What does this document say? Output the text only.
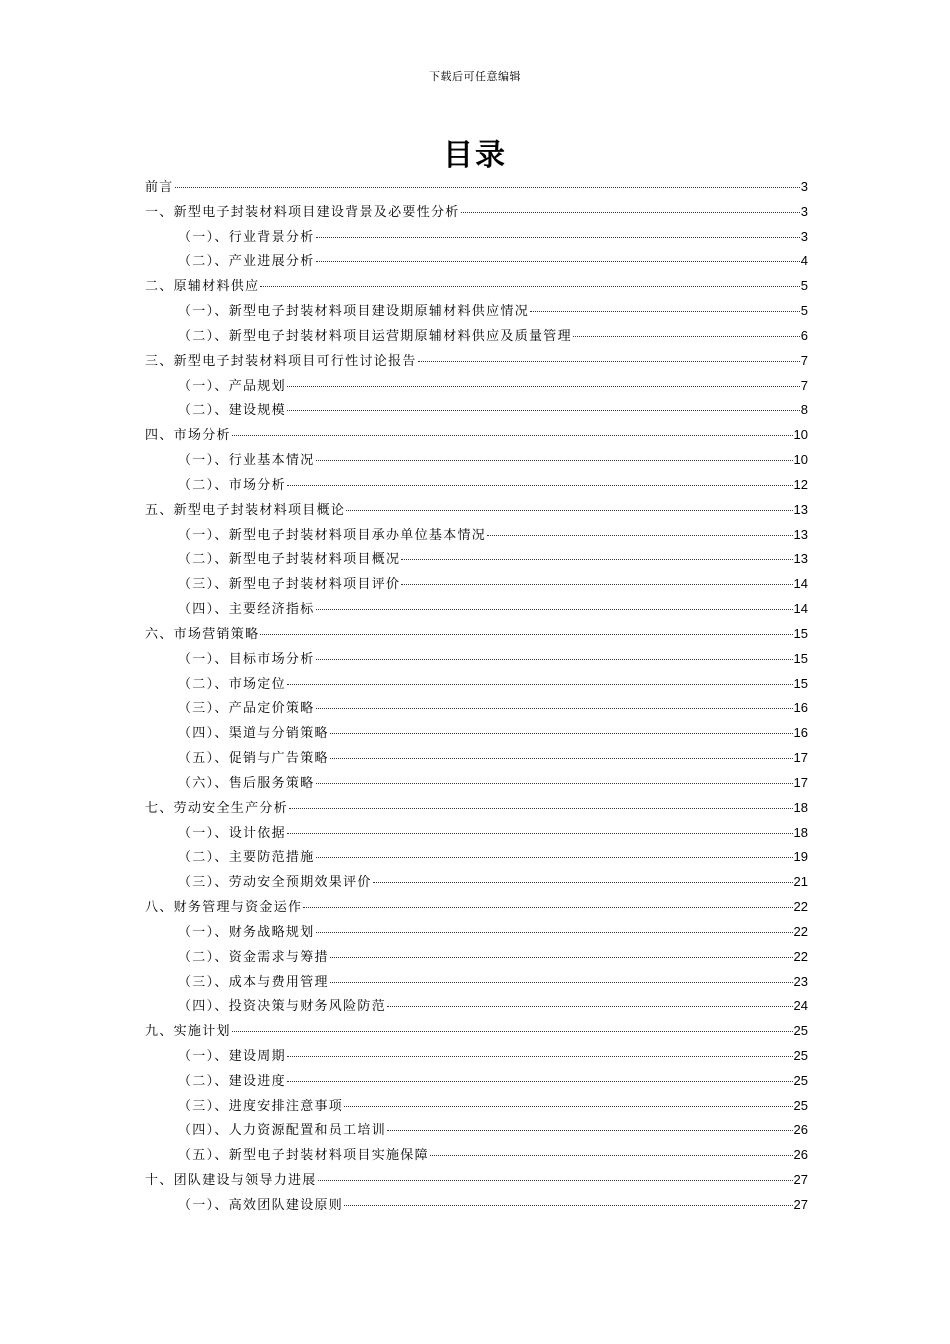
下载后可任意编辑
目录
前言	3
一、新型电子封装材料项目建设背景及必要性分析	3
（一）、行业背景分析	3
（二）、产业进展分析	4
二、原辅材料供应	5
（一）、新型电子封装材料项目建设期原辅材料供应情况	5
（二）、新型电子封装材料项目运营期原辅材料供应及质量管理	6
三、新型电子封装材料项目可行性讨论报告	7
（一）、产品规划	7
（二）、建设规模	8
四、市场分析	10
（一）、行业基本情况	10
（二）、市场分析	12
五、新型电子封装材料项目概论	13
（一）、新型电子封装材料项目承办单位基本情况	13
（二）、新型电子封装材料项目概况	13
（三）、新型电子封装材料项目评价	14
（四）、主要经济指标	14
六、市场营销策略	15
（一）、目标市场分析	15
（二）、市场定位	15
（三）、产品定价策略	16
（四）、渠道与分销策略	16
（五）、促销与广告策略	17
（六）、售后服务策略	17
七、劳动安全生产分析	18
（一）、设计依据	18
（二）、主要防范措施	19
（三）、劳动安全预期效果评价	21
八、财务管理与资金运作	22
（一）、财务战略规划	22
（二）、资金需求与筹措	22
（三）、成本与费用管理	23
（四）、投资决策与财务风险防范	24
九、实施计划	25
（一）、建设周期	25
（二）、建设进度	25
（三）、进度安排注意事项	25
（四）、人力资源配置和员工培训	26
（五）、新型电子封装材料项目实施保障	26
十、团队建设与领导力进展	27
（一）、高效团队建设原则	27
